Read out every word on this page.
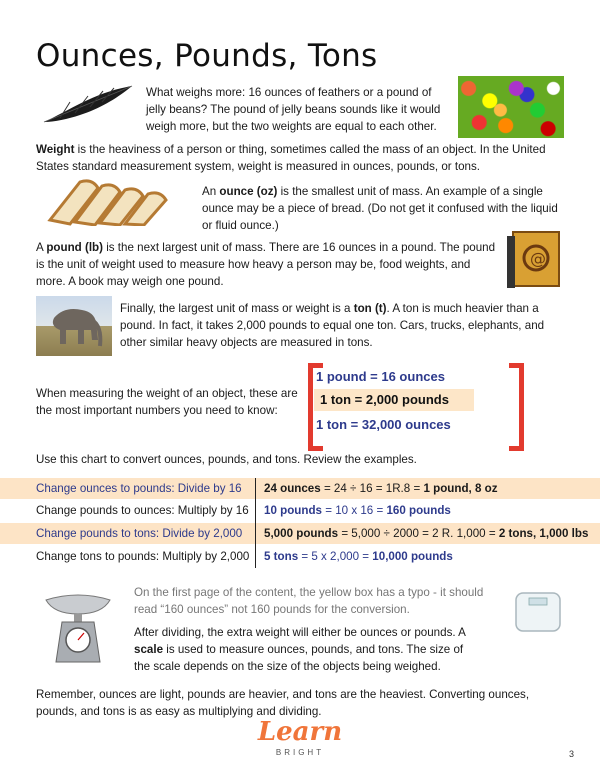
Ounces, Pounds, Tons
What weighs more: 16 ounces of feathers or a pound of jelly beans? The pound of jelly beans sounds like it would weigh more, but the two weights are equal to each other.
Weight is the heaviness of a person or thing, sometimes called the mass of an object. In the United States standard measurement system, weight is measured in ounces, pounds, or tons.
An ounce (oz) is the smallest unit of mass. An example of a single ounce may be a piece of bread. (Do not get it confused with the liquid or fluid ounce.)
A pound (lb) is the next largest unit of mass. There are 16 ounces in a pound. The pound is the unit of weight used to measure how heavy a person may be, food weights, and more. A book may weigh one pound.
@
Finally, the largest unit of mass or weight is a ton (t). A ton is much heavier than a pound. In fact, it takes 2,000 pounds to equal one ton. Cars, trucks, elephants, and other similar heavy objects are measured in tons.
When measuring the weight of an object, these are the most important numbers you need to know:
1 pound = 16 ounces
1 ton = 2,000 pounds
1 ton = 32,000 ounces
Use this chart to convert ounces, pounds, and tons. Review the examples.
Change ounces to pounds: Divide by 16 24 ounces = 24 ÷ 16 = 1R.8 = 1 pound, 8 oz
Change pounds to ounces: Multiply by 16 10 pounds = 10 x 16 = 160 pounds
Change pounds to tons: Divide by 2,000 5,000 pounds = 5,000 ÷ 2000 = 2 R. 1,000 = 2 tons, 1,000 lbs
Change tons to pounds: Multiply by 2,000 5 tons = 5 x 2,000 = 10,000 pounds
On the first page of the content, the yellow box has a typo - it should read “160 ounces” not 160 pounds for the conversion.
After dividing, the extra weight will either be ounces or pounds. A scale is used to measure ounces, pounds, and tons. The size of the scale depends on the size of the objects being weighed.
Remember, ounces are light, pounds are heavier, and tons are the heaviest. Converting ounces, pounds, and tons is as easy as multiplying and dividing.
Learn
BRIGHT	3
